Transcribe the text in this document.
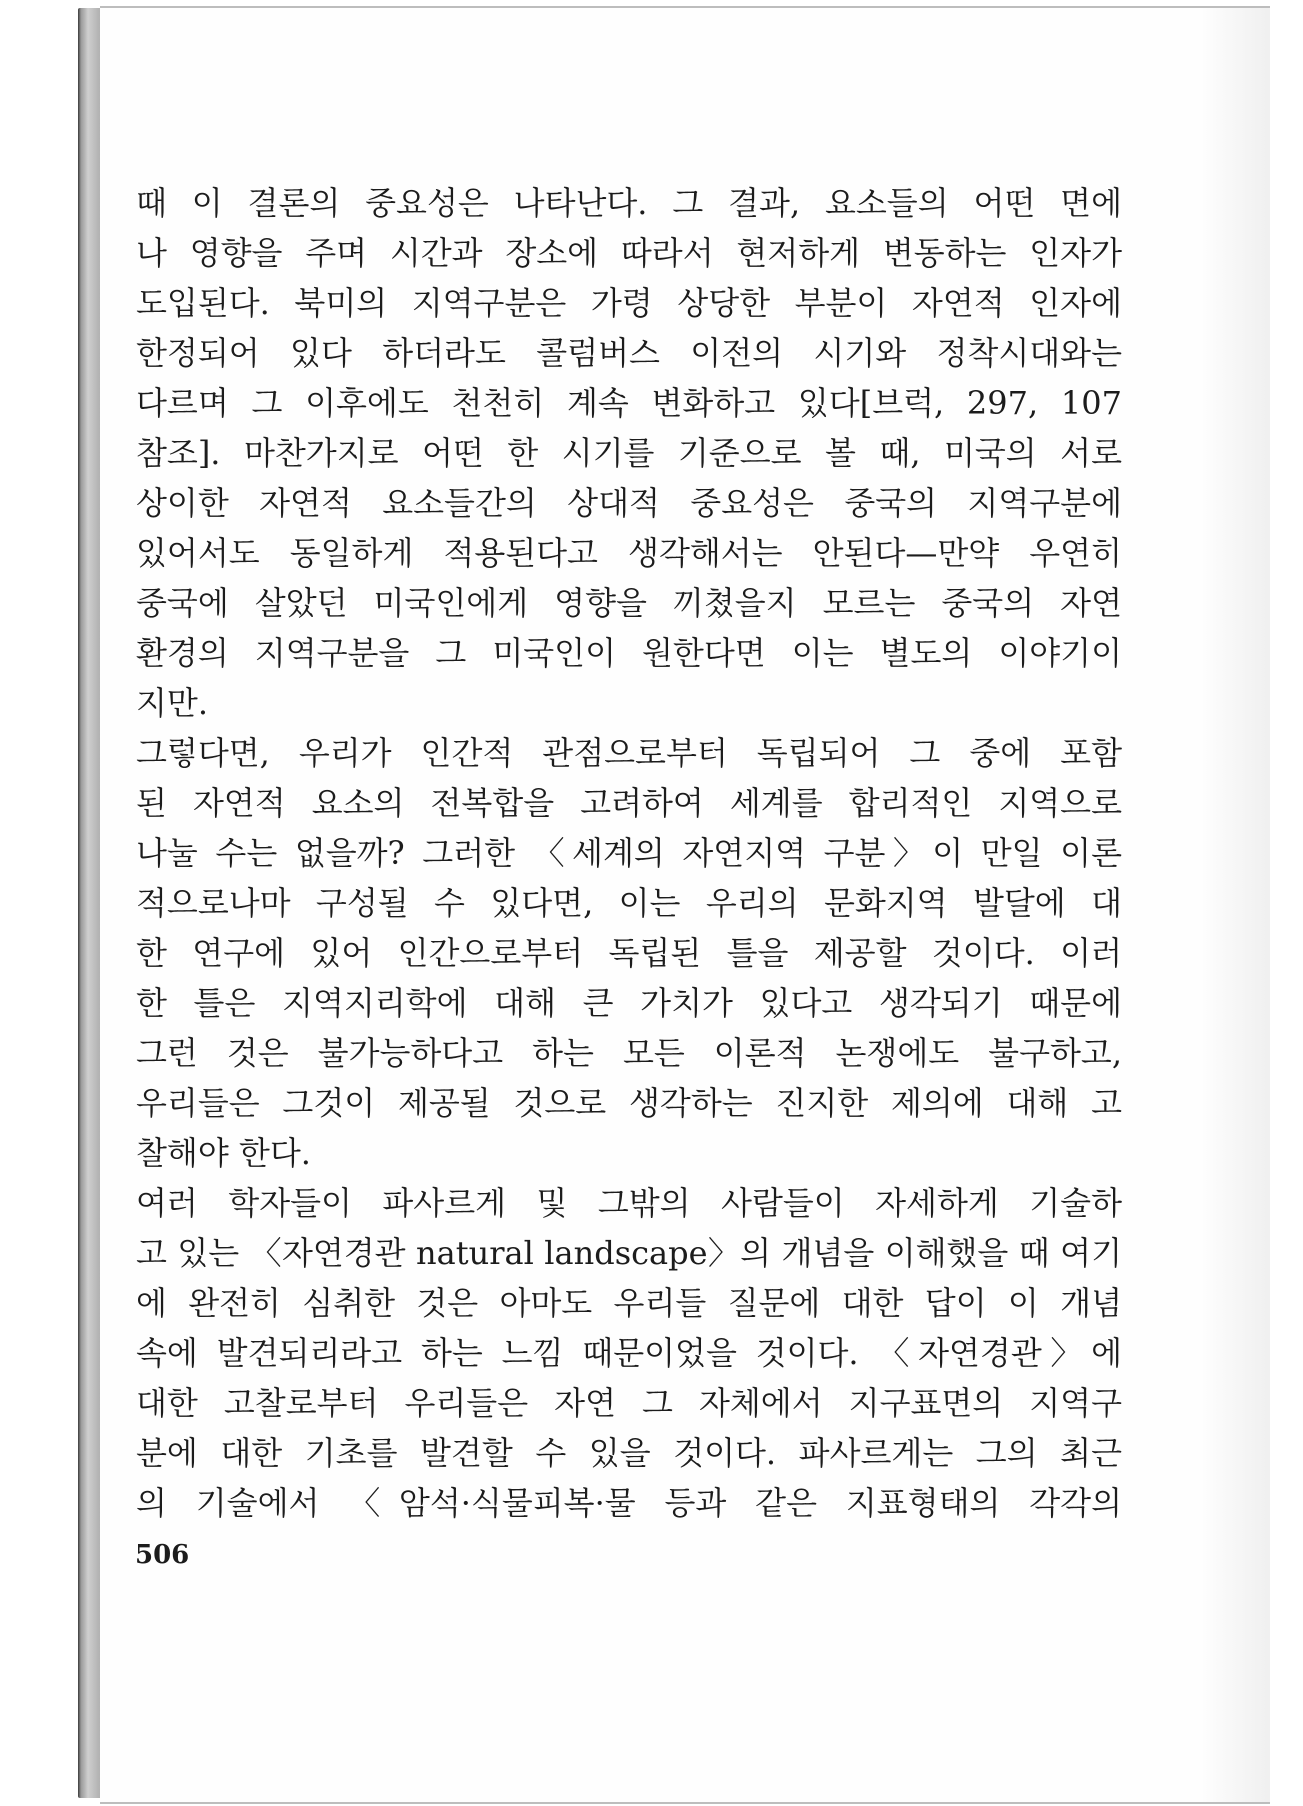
때 이 결론의 중요성은 나타난다. 그 결과, 요소들의 어떤 면에
나 영향을 주며 시간과 장소에 따라서 현저하게 변동하는 인자가
도입된다. 북미의 지역구분은 가령 상당한 부분이 자연적 인자에
한정되어 있다 하더라도 콜럼버스 이전의 시기와 정착시대와는
다르며 그 이후에도 천천히 계속 변화하고 있다[브럭, 297, 107
참조]. 마찬가지로 어떤 한 시기를 기준으로 볼 때, 미국의 서로
상이한 자연적 요소들간의 상대적 중요성은 중국의 지역구분에
있어서도 동일하게 적용된다고 생각해서는 안된다—만약 우연히
중국에 살았던 미국인에게 영향을 끼쳤을지 모르는 중국의 자연
환경의 지역구분을 그 미국인이 원한다면 이는 별도의 이야기이
지만.
그렇다면, 우리가 인간적 관점으로부터 독립되어 그 중에 포함
된 자연적 요소의 전복합을 고려하여 세계를 합리적인 지역으로
나눌 수는 없을까? 그러한 〈세계의 자연지역 구분〉이 만일 이론
적으로나마 구성될 수 있다면, 이는 우리의 문화지역 발달에 대
한 연구에 있어 인간으로부터 독립된 틀을 제공할 것이다. 이러
한 틀은 지역지리학에 대해 큰 가치가 있다고 생각되기 때문에
그런 것은 불가능하다고 하는 모든 이론적 논쟁에도 불구하고,
우리들은 그것이 제공될 것으로 생각하는 진지한 제의에 대해 고
찰해야 한다.
여러 학자들이 파사르게 및 그밖의 사람들이 자세하게 기술하
고 있는 〈자연경관 natural landscape〉의 개념을 이해했을 때 여기
에 완전히 심취한 것은 아마도 우리들 질문에 대한 답이 이 개념
속에 발견되리라고 하는 느낌 때문이었을 것이다. 〈자연경관〉에
대한 고찰로부터 우리들은 자연 그 자체에서 지구표면의 지역구
분에 대한 기초를 발견할 수 있을 것이다. 파사르게는 그의 최근
의 기술에서 〈암석·식물피복·물 등과 같은 지표형태의 각각의
506
